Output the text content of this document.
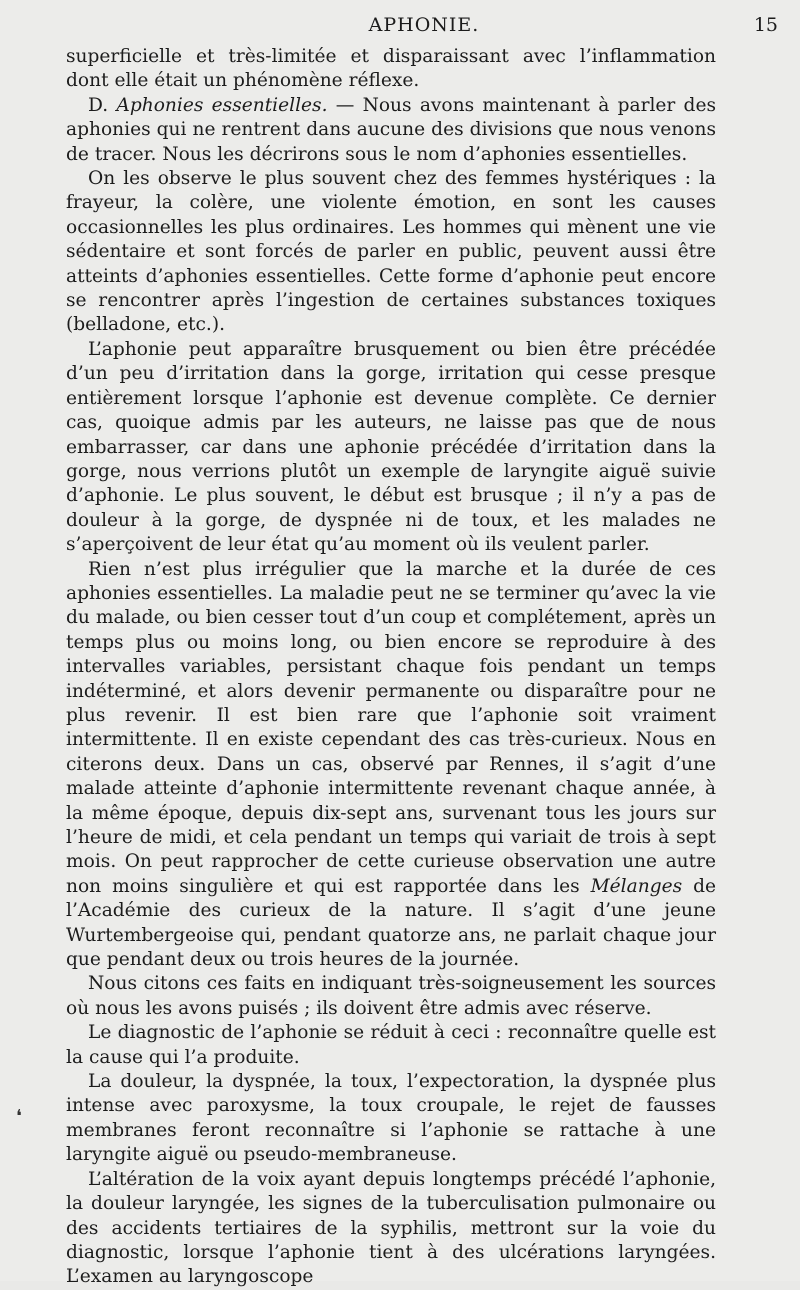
APHONIE.	15

superficielle et très-limitée et disparaissant avec l’inflammation dont elle était un phénomène réflexe.

D. Aphonies essentielles. — Nous avons maintenant à parler des aphonies qui ne rentrent dans aucune des divisions que nous venons de tracer. Nous les décrirons sous le nom d’aphonies essentielles.

On les observe le plus souvent chez des femmes hystériques : la frayeur, la colère, une violente émotion, en sont les causes occasionnelles les plus ordinaires. Les hommes qui mènent une vie sédentaire et sont forcés de parler en public, peuvent aussi être atteints d’aphonies essentielles. Cette forme d’aphonie peut encore se rencontrer après l’ingestion de certaines substances toxiques (belladone, etc.).

L’aphonie peut apparaître brusquement ou bien être précédée d’un peu d’irritation dans la gorge, irritation qui cesse presque entièrement lorsque l’aphonie est devenue complète. Ce dernier cas, quoique admis par les auteurs, ne laisse pas que de nous embarrasser, car dans une aphonie précédée d’irritation dans la gorge, nous verrions plutôt un exemple de laryngite aiguë suivie d’aphonie. Le plus souvent, le début est brusque ; il n’y a pas de douleur à la gorge, de dyspnée ni de toux, et les malades ne s’aperçoivent de leur état qu’au moment où ils veulent parler.

Rien n’est plus irrégulier que la marche et la durée de ces aphonies essentielles. La maladie peut ne se terminer qu’avec la vie du malade, ou bien cesser tout d’un coup et complétement, après un temps plus ou moins long, ou bien encore se reproduire à des intervalles variables, persistant chaque fois pendant un temps indéterminé, et alors devenir permanente ou disparaître pour ne plus revenir. Il est bien rare que l’aphonie soit vraiment intermittente. Il en existe cependant des cas très-curieux. Nous en citerons deux. Dans un cas, observé par Rennes, il s’agit d’une malade atteinte d’aphonie intermittente revenant chaque année, à la même époque, depuis dix-sept ans, survenant tous les jours sur l’heure de midi, et cela pendant un temps qui variait de trois à sept mois. On peut rapprocher de cette curieuse observation une autre non moins singulière et qui est rapportée dans les Mélanges de l’Académie des curieux de la nature. Il s’agit d’une jeune Wurtembergeoise qui, pendant quatorze ans, ne parlait chaque jour que pendant deux ou trois heures de la journée.

Nous citons ces faits en indiquant très-soigneusement les sources où nous les avons puisés ; ils doivent être admis avec réserve.

Le diagnostic de l’aphonie se réduit à ceci : reconnaître quelle est la cause qui l’a produite.

La douleur, la dyspnée, la toux, l’expectoration, la dyspnée plus intense avec paroxysme, la toux croupale, le rejet de fausses membranes feront reconnaître si l’aphonie se rattache à une laryngite aiguë ou pseudo-membraneuse.

L’altération de la voix ayant depuis longtemps précédé l’aphonie, la douleur laryngée, les signes de la tuberculisation pulmonaire ou des accidents tertiaires de la syphilis, mettront sur la voie du diagnostic, lorsque l’aphonie tient à des ulcérations laryngées. L’examen au laryngoscope

❛
